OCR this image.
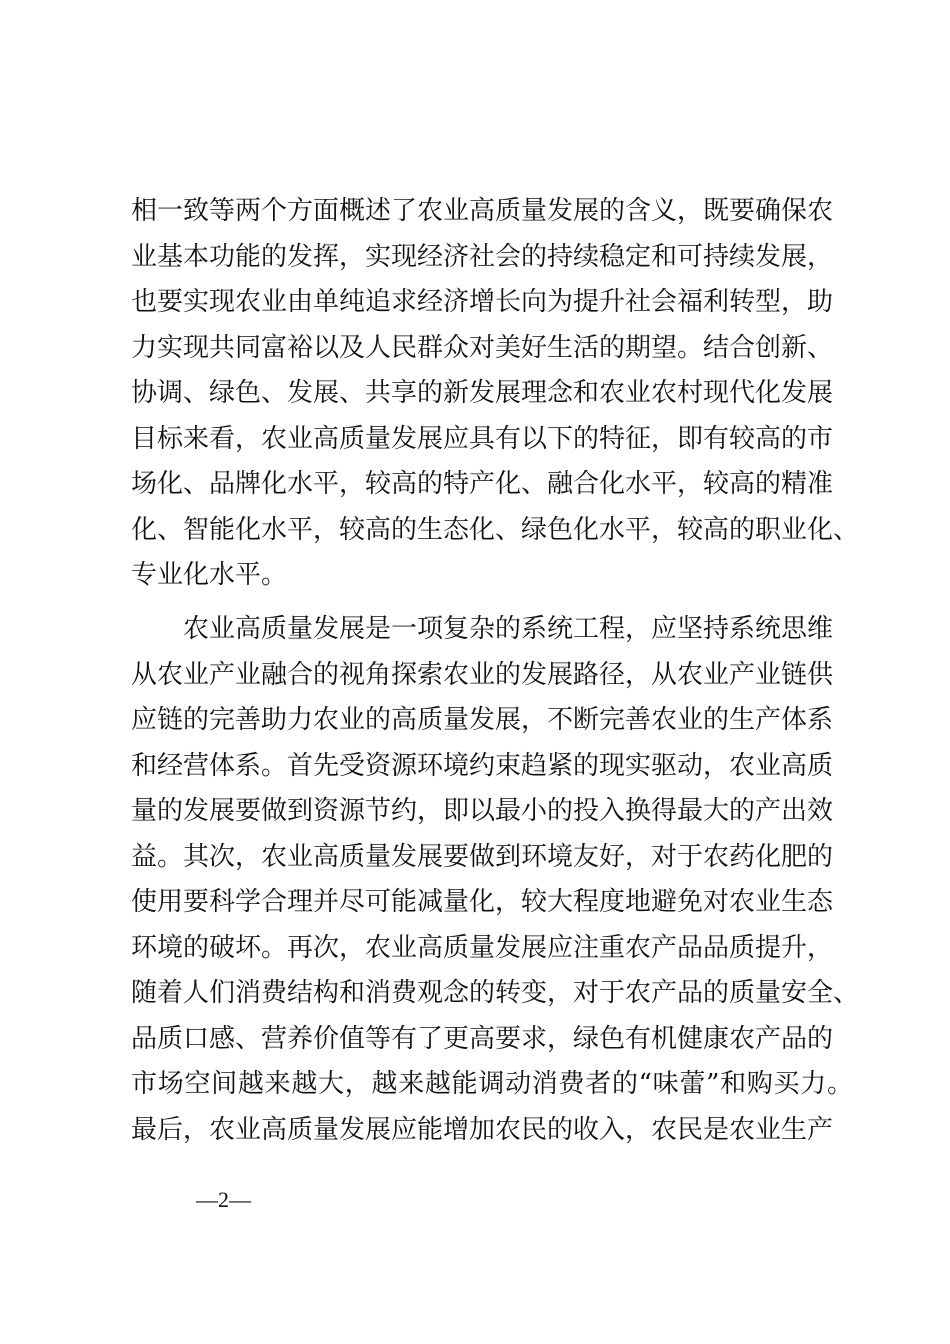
相一致等两个方面概述了农业高质量发展的含义，既要确保农
业基本功能的发挥，实现经济社会的持续稳定和可持续发展，
也要实现农业由单纯追求经济增长向为提升社会福利转型，助
力实现共同富裕以及人民群众对美好生活的期望。结合创新、
协调、绿色、发展、共享的新发展理念和农业农村现代化发展
目标来看，农业高质量发展应具有以下的特征，即有较高的市
场化、品牌化水平，较高的特产化、融合化水平，较高的精准
化、智能化水平，较高的生态化、绿色化水平，较高的职业化、
专业化水平。
农业高质量发展是一项复杂的系统工程，应坚持系统思维
从农业产业融合的视角探索农业的发展路径，从农业产业链供
应链的完善助力农业的高质量发展，不断完善农业的生产体系
和经营体系。首先受资源环境约束趋紧的现实驱动，农业高质
量的发展要做到资源节约，即以最小的投入换得最大的产出效
益。其次，农业高质量发展要做到环境友好，对于农药化肥的
使用要科学合理并尽可能减量化，较大程度地避免对农业生态
环境的破坏。再次，农业高质量发展应注重农产品品质提升，
随着人们消费结构和消费观念的转变，对于农产品的质量安全、
品质口感、营养价值等有了更高要求，绿色有机健康农产品的
市场空间越来越大，越来越能调动消费者的“味蕾”和购买力。
最后，农业高质量发展应能增加农民的收入，农民是农业生产
—2—
